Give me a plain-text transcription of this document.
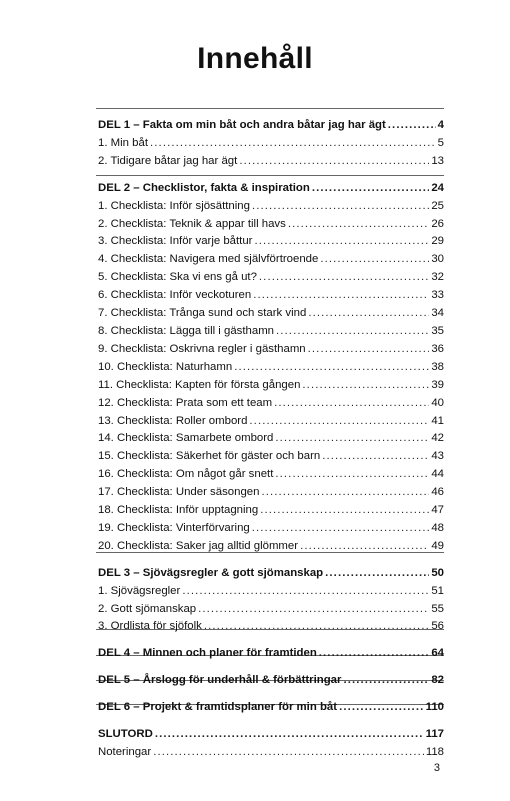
Innehåll
DEL 1 – Fakta om min båt och andra båtar jag har ägt .....	4
1. Min båt .....	5
2. Tidigare båtar jag har ägt .....	13
DEL 2 – Checklistor, fakta & inspiration .....	24
1. Checklista: Inför sjösättning .....	25
2. Checklista: Teknik & appar till havs .....	26
3. Checklista: Inför varje båttur .....	29
4. Checklista: Navigera med självförtroende .....	30
5. Checklista: Ska vi ens gå ut? .....	32
6. Checklista: Inför veckoturen .....	33
7. Checklista: Trånga sund och stark vind .....	34
8. Checklista: Lägga till i gästhamn .....	35
9. Checklista: Oskrivna regler i gästhamn .....	36
10. Checklista: Naturhamn .....	38
11. Checklista: Kapten för första gången .....	39
12. Checklista: Prata som ett team .....	40
13. Checklista: Roller ombord .....	41
14. Checklista: Samarbete ombord .....	42
15. Checklista: Säkerhet för gäster och barn .....	43
16. Checklista: Om något går snett .....	44
17. Checklista: Under säsongen .....	46
18. Checklista: Inför upptagning .....	47
19. Checklista: Vinterförvaring .....	48
20. Checklista: Saker jag alltid glömmer .....	49
DEL 3 – Sjövägsregler & gott sjömanskap .....	50
1. Sjövägsregler .....	51
2. Gott sjömanskap .....	55
3. Ordlista för sjöfolk .....	56
DEL 4 – Minnen och planer för framtiden .....	64
DEL 5 – Årslogg för underhåll & förbättringar .....	82
DEL 6 – Projekt & framtidsplaner för min båt .....	110
SLUTORD .....	117
Noteringar .....	118
3
